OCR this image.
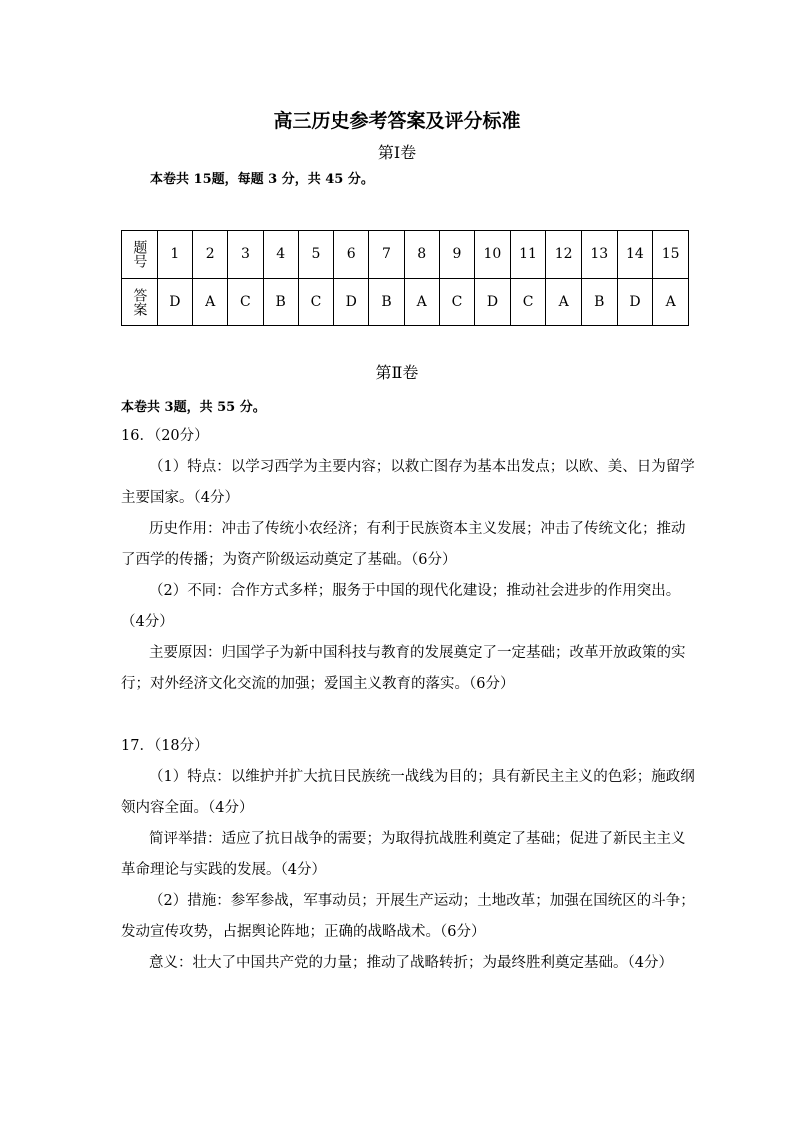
高三历史参考答案及评分标准
第Ⅰ卷
本卷共 15题，每题 3 分，共 45 分。
题号	1	2	3	4	5	6	7	8	9	10	11	12	13	14	15
答案	D	A	C	B	C	D	B	A	C	D	C	A	B	D	A
第Ⅱ卷
本卷共 3题，共 55 分。
16．（20分）
（1）特点：以学习西学为主要内容；以救亡图存为基本出发点；以欧、美、日为留学
主要国家。（4分）
历史作用：冲击了传统小农经济；有利于民族资本主义发展；冲击了传统文化；推动
了西学的传播；为资产阶级运动奠定了基础。（6分）
（2）不同：合作方式多样；服务于中国的现代化建设；推动社会进步的作用突出。
（4分）
主要原因：归国学子为新中国科技与教育的发展奠定了一定基础；改革开放政策的实
行；对外经济文化交流的加强；爱国主义教育的落实。（6分）
17．（18分）
（1）特点：以维护并扩大抗日民族统一战线为目的；具有新民主主义的色彩；施政纲
领内容全面。（4分）
简评举措：适应了抗日战争的需要；为取得抗战胜利奠定了基础；促进了新民主主义
革命理论与实践的发展。（4分）
（2）措施：参军参战，军事动员；开展生产运动；土地改革；加强在国统区的斗争；
发动宣传攻势，占据舆论阵地；正确的战略战术。（6分）
意义：壮大了中国共产党的力量；推动了战略转折；为最终胜利奠定基础。（4分）
